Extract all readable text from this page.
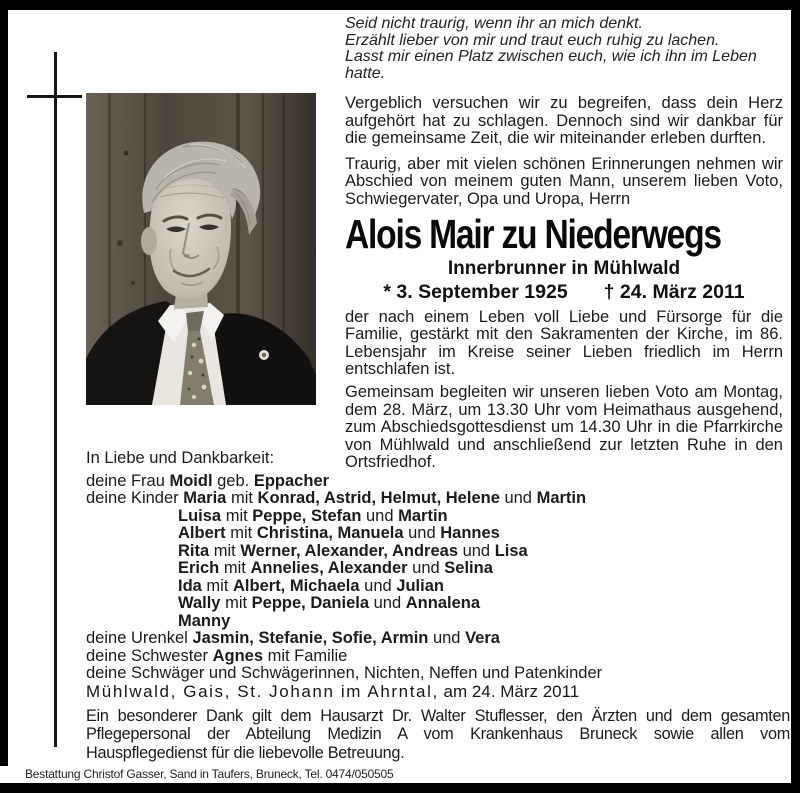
Seid nicht traurig, wenn ihr an mich denkt.
Erzählt lieber von mir und traut euch ruhig zu lachen.
Lasst mir einen Platz zwischen euch, wie ich ihn im Leben hatte.
Vergeblich versuchen wir zu begreifen, dass dein Herz aufgehört hat zu schlagen. Dennoch sind wir dankbar für die gemeinsame Zeit, die wir miteinander erleben durften.
Traurig, aber mit vielen schönen Erinnerungen nehmen wir Abschied von meinem guten Mann, unserem lieben Voto, Schwiegervater, Opa und Uropa, Herrn
Alois Mair zu Niederwegs
Innerbrunner in Mühlwald
* 3. September 1925 † 24. März 2011
der nach einem Leben voll Liebe und Fürsorge für die Familie, gestärkt mit den Sakramenten der Kirche, im 86. Lebensjahr im Kreise seiner Lieben friedlich im Herrn entschlafen ist.
Gemeinsam begleiten wir unseren lieben Voto am Montag, dem 28. März, um 13.30 Uhr vom Heimathaus ausgehend, zum Abschiedsgottesdienst um 14.30 Uhr in die Pfarrkirche von Mühlwald und anschließend zur letzten Ruhe in den Ortsfriedhof.
In Liebe und Dankbarkeit:
deine Frau Moidl geb. Eppacher
deine Kinder Maria mit Konrad, Astrid, Helmut, Helene und Martin
Luisa mit Peppe, Stefan und Martin
Albert mit Christina, Manuela und Hannes
Rita mit Werner, Alexander, Andreas und Lisa
Erich mit Annelies, Alexander und Selina
Ida mit Albert, Michaela und Julian
Wally mit Peppe, Daniela und Annalena
Manny
deine Urenkel Jasmin, Stefanie, Sofie, Armin und Vera
deine Schwester Agnes mit Familie
deine Schwäger und Schwägerinnen, Nichten, Neffen und Patenkinder
Mühlwald, Gais, St. Johann im Ahrntal, am 24. März 2011
Ein besonderer Dank gilt dem Hausarzt Dr. Walter Stuflesser, den Ärzten und dem gesamten Pflegepersonal der Abteilung Medizin A vom Krankenhaus Bruneck sowie allen vom Hauspflegedienst für die liebevolle Betreuung.
Bestattung Christof Gasser, Sand in Taufers, Bruneck, Tel. 0474/050505
